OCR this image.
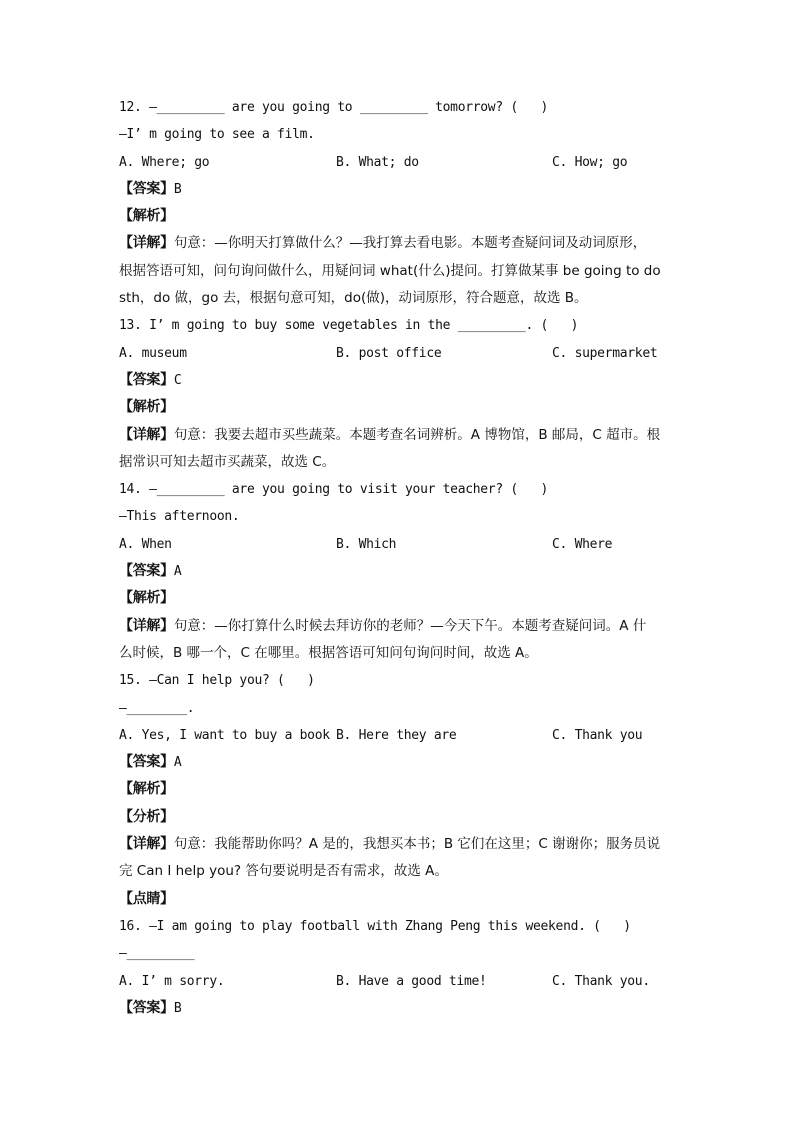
12. —_________ are you going to _________ tomorrow? (   )
—I’ m going to see a film.
A. Where; go	B. What; do	C. How; go
【答案】B
【解析】
【详解】句意：—你明天打算做什么？—我打算去看电影。本题考查疑问词及动词原形，
根据答语可知，问句询问做什么，用疑问词 what(什么)提问。打算做某事 be going to do
sth，do 做，go 去，根据句意可知，do(做)，动词原形，符合题意，故选 B。
13. I’ m going to buy some vegetables in the _________. (   )
A. museum	B. post office	C. supermarket
【答案】C
【解析】
【详解】句意：我要去超市买些蔬菜。本题考查名词辨析。A 博物馆，B 邮局，C 超市。根
据常识可知去超市买蔬菜，故选 C。
14. —_________ are you going to visit your teacher? (   )
—This afternoon.
A. When	B. Which	C. Where
【答案】A
【解析】
【详解】句意：—你打算什么时候去拜访你的老师？—今天下午。本题考查疑问词。A 什
么时候，B 哪一个，C 在哪里。根据答语可知问句询问时间，故选 A。
15. —Can I help you? (   )
—________.
A. Yes, I want to buy a book B. Here they are	C. Thank you
【答案】A
【解析】
【分析】
【详解】句意：我能帮助你吗？A 是的，我想买本书；B 它们在这里；C 谢谢你；服务员说
完 Can I help you? 答句要说明是否有需求，故选 A。
【点睛】
16. —I am going to play football with Zhang Peng this weekend. (   )
—_________
A. I’ m sorry.	B. Have a good time!	C. Thank you.
【答案】B
